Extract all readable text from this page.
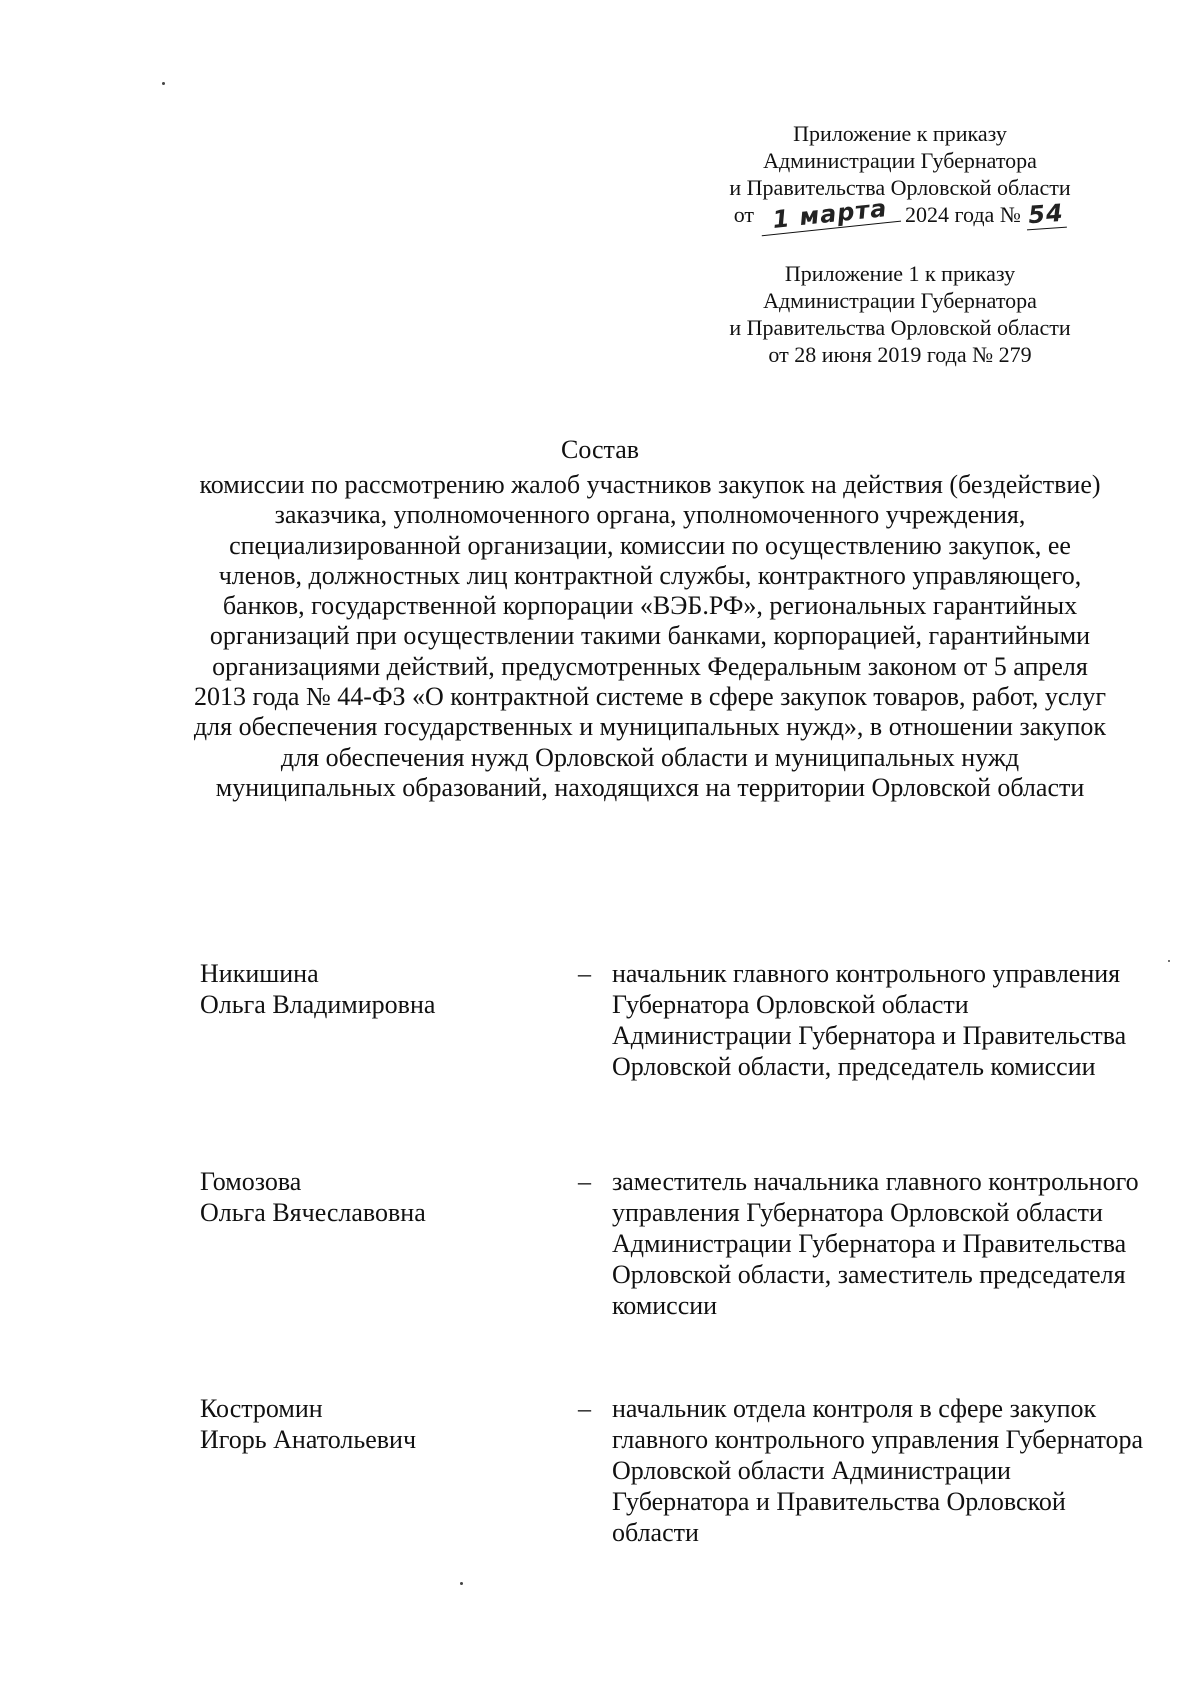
Приложение к приказу
Администрации Губернатора
и Правительства Орловской области
от 1 марта 2024 года № 54
Приложение 1 к приказу
Администрации Губернатора
и Правительства Орловской области
от 28 июня 2019 года № 279
Состав
комиссии по рассмотрению жалоб участников закупок на действия (бездействие) заказчика, уполномоченного органа, уполномоченного учреждения, специализированной организации, комиссии по осуществлению закупок, ее членов, должностных лиц контрактной службы, контрактного управляющего, банков, государственной корпорации «ВЭБ.РФ», региональных гарантийных организаций при осуществлении такими банками, корпорацией, гарантийными организациями действий, предусмотренных Федеральным законом от 5 апреля 2013 года № 44-ФЗ «О контрактной системе в сфере закупок товаров, работ, услуг для обеспечения государственных и муниципальных нужд», в отношении закупок для обеспечения нужд Орловской области и муниципальных нужд муниципальных образований, находящихся на территории Орловской области
Никишина
Ольга Владимировна
– начальник главного контрольного управления Губернатора Орловской области Администрации Губернатора и Правительства Орловской области, председатель комиссии
Гомозова
Ольга Вячеславовна
– заместитель начальника главного контрольного управления Губернатора Орловской области Администрации Губернатора и Правительства Орловской области, заместитель председателя комиссии
Костромин
Игорь Анатольевич
– начальник отдела контроля в сфере закупок главного контрольного управления Губернатора Орловской области Администрации Губернатора и Правительства Орловской области
